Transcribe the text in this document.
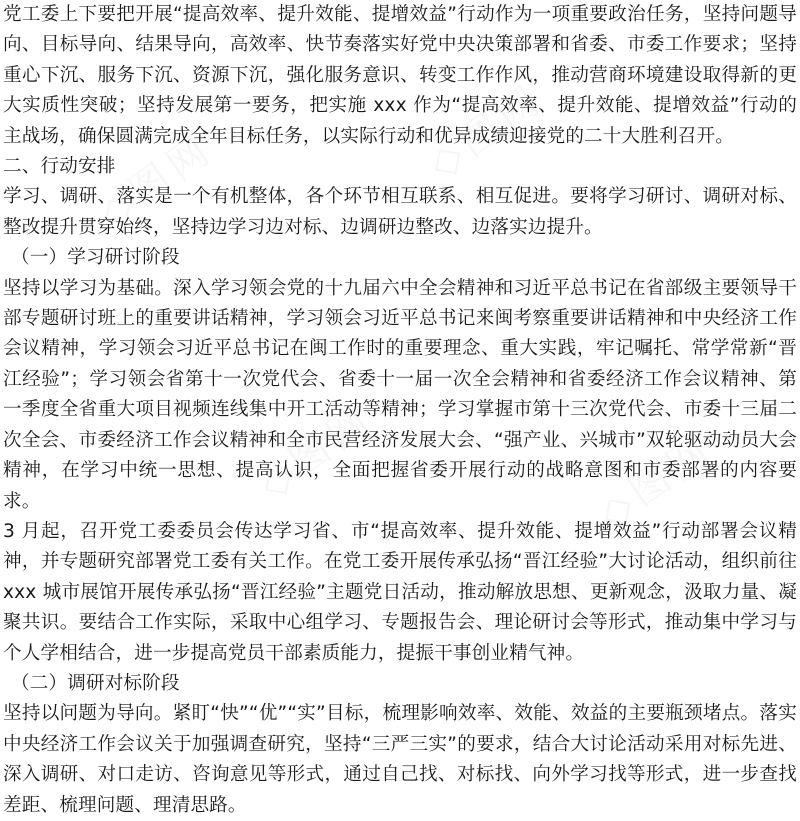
◇图网	◇图网
◇图网	◇图网

党工委上下要把开展“提高效率、提升效能、提增效益”行动作为一项重要政治任务，坚持问题导向、目标导向、结果导向，高效率、快节奏落实好党中央决策部署和省委、市委工作要求；坚持重心下沉、服务下沉、资源下沉，强化服务意识、转变工作作风，推动营商环境建设取得新的更大实质性突破；坚持发展第一要务，把实施 xxx 作为“提高效率、提升效能、提增效益”行动的主战场，确保圆满完成全年目标任务，以实际行动和优异成绩迎接党的二十大胜利召开。

二、行动安排

学习、调研、落实是一个有机整体，各个环节相互联系、相互促进。要将学习研讨、调研对标、整改提升贯穿始终，坚持边学习边对标、边调研边整改、边落实边提升。

（一）学习研讨阶段

坚持以学习为基础。深入学习领会党的十九届六中全会精神和习近平总书记在省部级主要领导干部专题研讨班上的重要讲话精神，学习领会习近平总书记来闽考察重要讲话精神和中央经济工作会议精神，学习领会习近平总书记在闽工作时的重要理念、重大实践，牢记嘱托、常学常新“晋江经验”；学习领会省第十一次党代会、省委十一届一次全会精神和省委经济工作会议精神、第一季度全省重大项目视频连线集中开工活动等精神；学习掌握市第十三次党代会、市委十三届二次全会、市委经济工作会议精神和全市民营经济发展大会、“强产业、兴城市”双轮驱动动员大会精神，在学习中统一思想、提高认识，全面把握省委开展行动的战略意图和市委部署的内容要求。

3 月起，召开党工委委员会传达学习省、市“提高效率、提升效能、提增效益”行动部署会议精神，并专题研究部署党工委有关工作。在党工委开展传承弘扬“晋江经验”大讨论活动，组织前往 xxx 城市展馆开展传承弘扬“晋江经验”主题党日活动，推动解放思想、更新观念，汲取力量、凝聚共识。要结合工作实际，采取中心组学习、专题报告会、理论研讨会等形式，推动集中学习与个人学相结合，进一步提高党员干部素质能力，提振干事创业精气神。

（二）调研对标阶段

坚持以问题为导向。紧盯“快”“优”“实”目标，梳理影响效率、效能、效益的主要瓶颈堵点。落实中央经济工作会议关于加强调查研究，坚持“三严三实”的要求，结合大讨论活动采用对标先进、深入调研、对口走访、咨询意见等形式，通过自己找、对标找、向外学习找等形式，进一步查找差距、梳理问题、理清思路。
